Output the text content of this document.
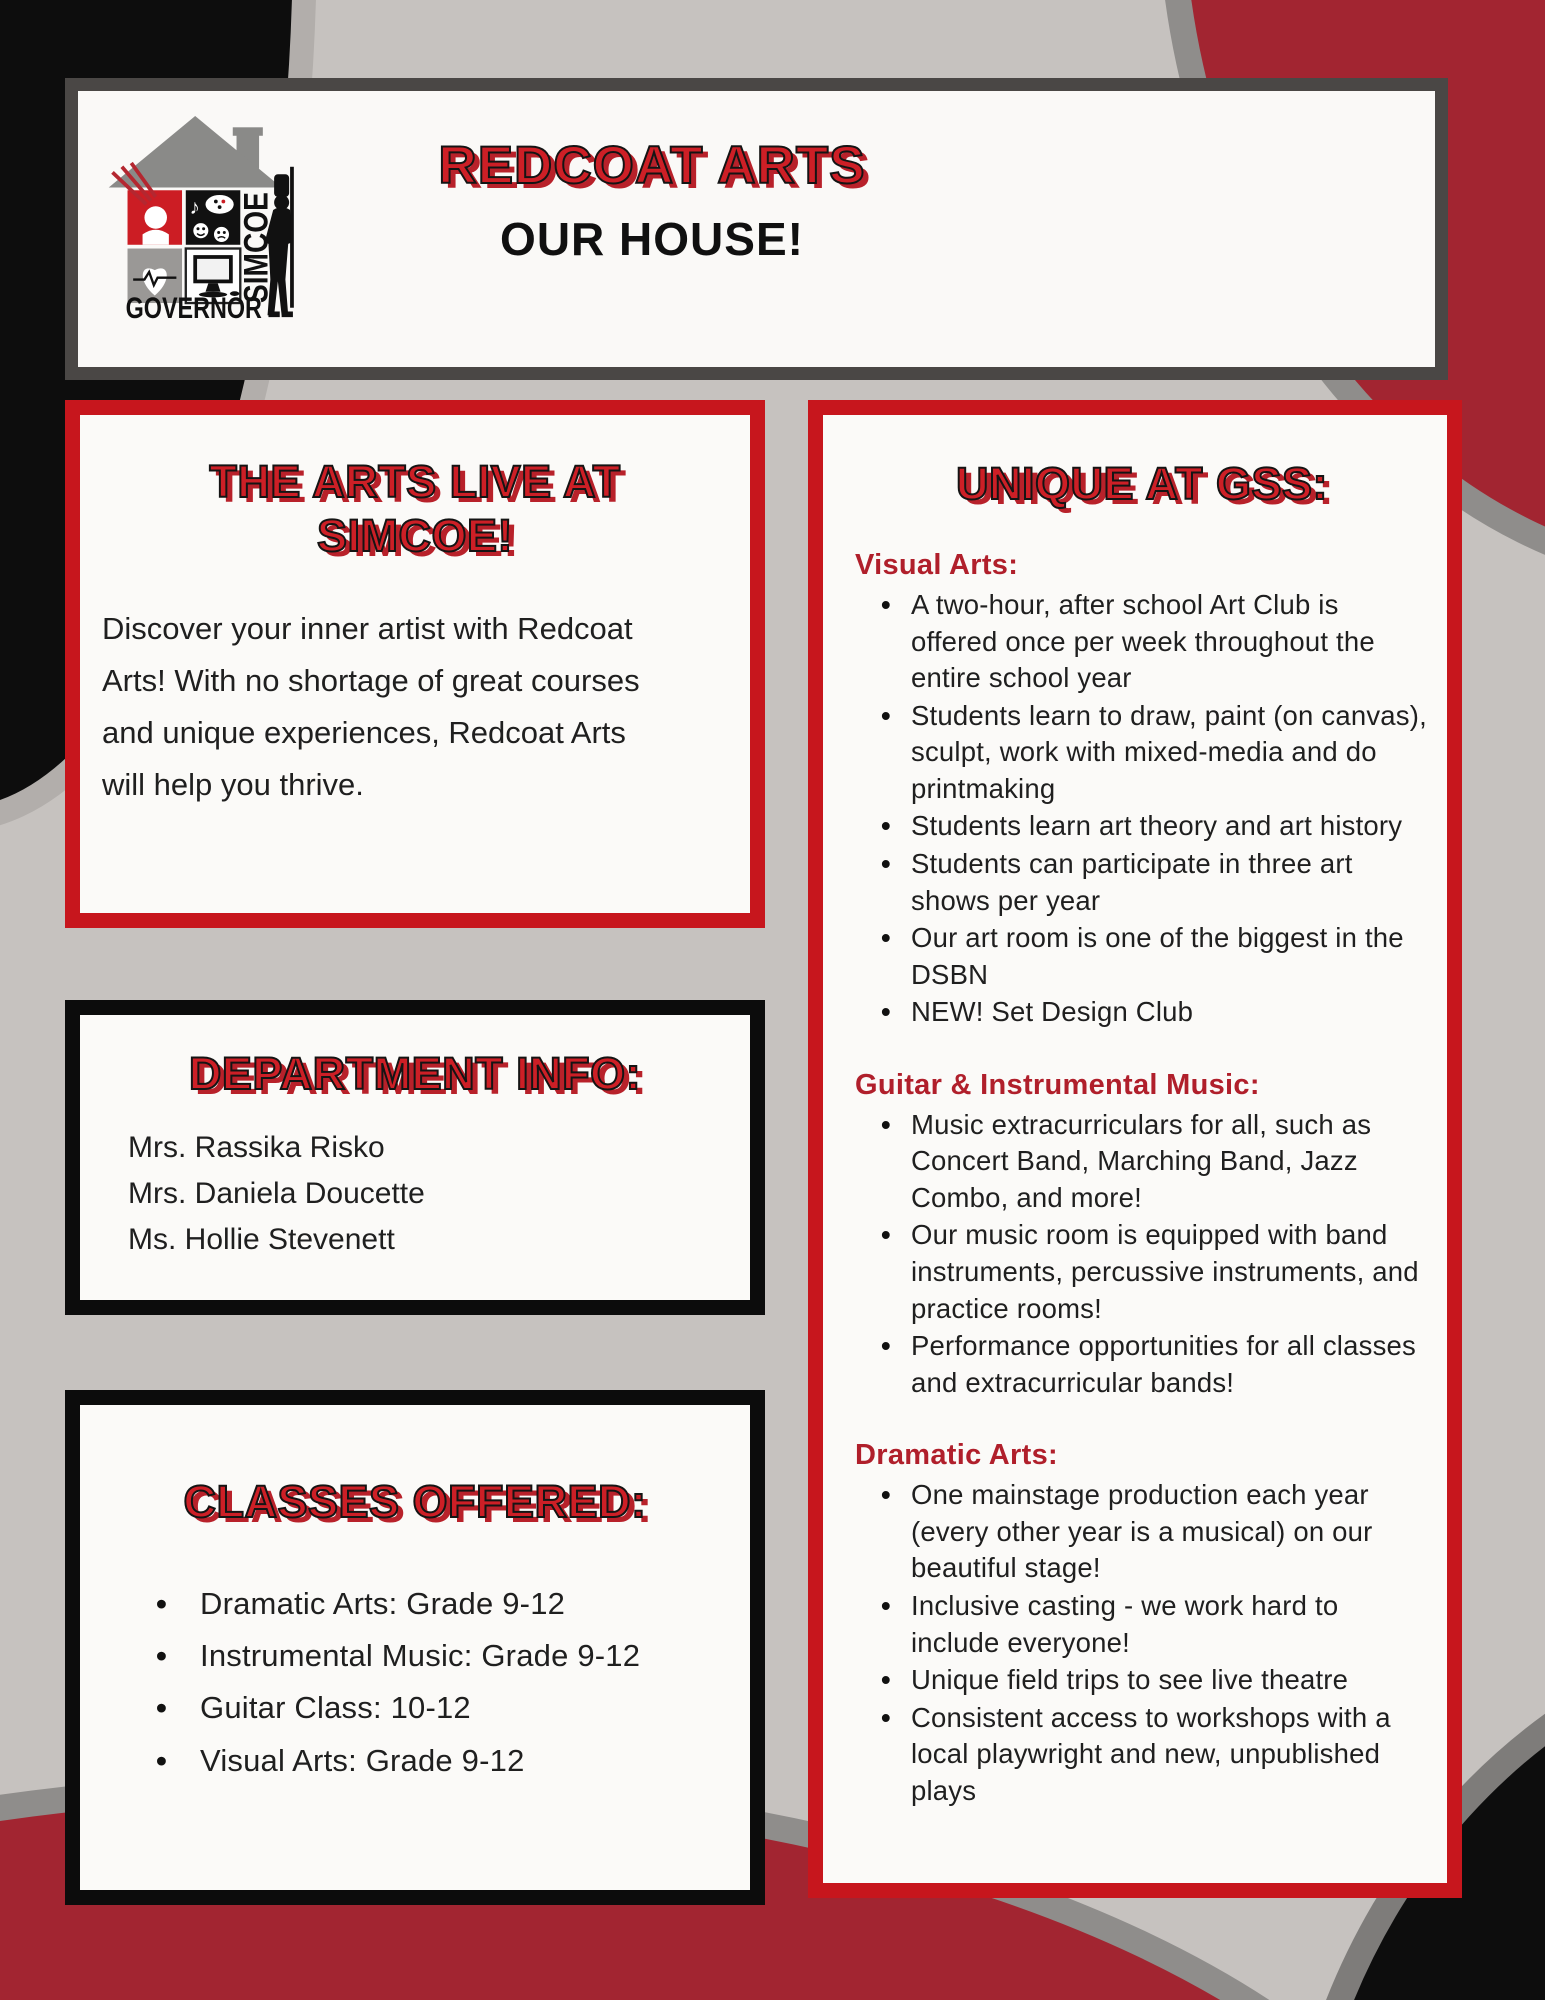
♪ SIMCOE
GOVERNOR
REDCOAT ARTS
OUR HOUSE!
THE ARTS LIVE AT
SIMCOE!
Discover your inner artist with Redcoat Arts! With no shortage of great courses and unique experiences, Redcoat Arts will help you thrive.
DEPARTMENT INFO:
Mrs. Rassika Risko
Mrs. Daniela Doucette
Ms. Hollie Stevenett
CLASSES OFFERED:
•	Dramatic Arts: Grade 9-12
•	Instrumental Music: Grade 9-12
•	Guitar Class: 10-12
•	Visual Arts: Grade 9-12
UNIQUE AT GSS:
Visual Arts:
• A two-hour, after school Art Club is offered once per week throughout the entire school year
• Students learn to draw, paint (on canvas), sculpt, work with mixed-media and do printmaking
• Students learn art theory and art history
• Students can participate in three art shows per year
• Our art room is one of the biggest in the DSBN
• NEW! Set Design Club
Guitar & Instrumental Music:
• Music extracurriculars for all, such as Concert Band, Marching Band, Jazz Combo, and more!
• Our music room is equipped with band instruments, percussive instruments, and practice rooms!
• Performance opportunities for all classes and extracurricular bands!
Dramatic Arts:
• One mainstage production each year (every other year is a musical) on our beautiful stage!
• Inclusive casting - we work hard to include everyone!
• Unique field trips to see live theatre
• Consistent access to workshops with a local playwright and new, unpublished plays
